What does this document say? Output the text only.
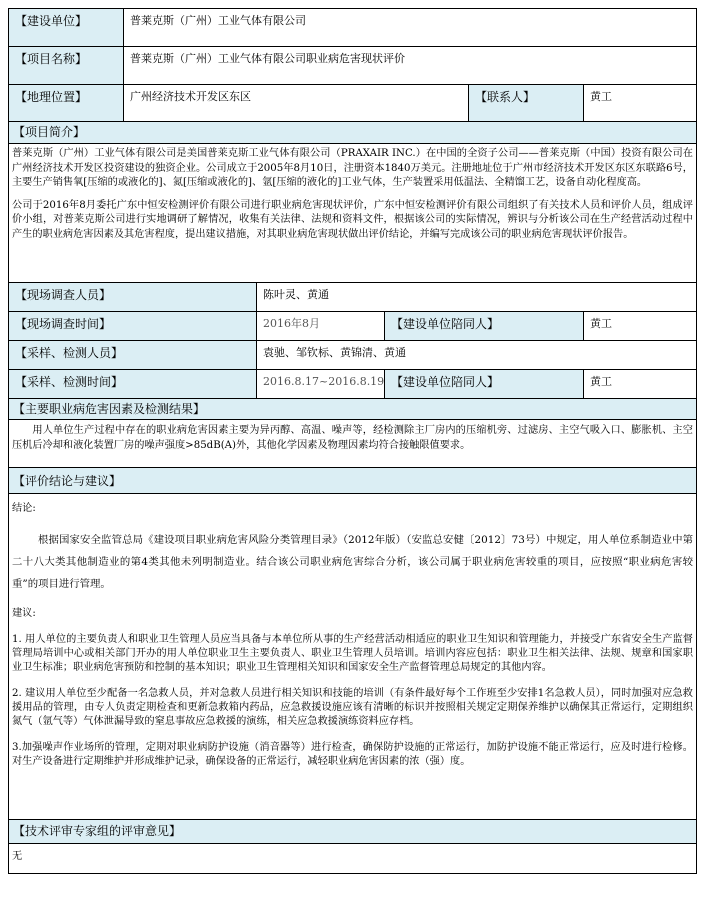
【建设单位】	普莱克斯（广州）工业气体有限公司
【项目名称】	普莱克斯（广州）工业气体有限公司职业病危害现状评价
【地理位置】	广州经济技术开发区东区	【联系人】	黄工
【项目简介】

普莱克斯（广州）工业气体有限公司是美国普莱克斯工业气体有限公司（PRAXAIR INC.）在中国的全资子公司——普莱克斯（中国）投资有限公司在广州经济技术开发区投资建设的独资企业。公司成立于2005年8月10日，注册资本1840万美元。注册地址位于广州市经济技术开发区东区东联路6号，主要生产销售氧[压缩的或液化的]、氮[压缩或液化的]、氩[压缩的液化的]工业气体，生产装置采用低温法、全精馏工艺，设备自动化程度高。

公司于2016年8月委托广东中恒安检测评价有限公司进行职业病危害现状评价，广东中恒安检测评价有限公司组织了有关技术人员和评价人员，组成评价小组，对普莱克斯公司进行实地调研了解情况，收集有关法律、法规和资料文件，根据该公司的实际情况，辨识与分析该公司在生产经营活动过程中产生的职业病危害因素及其危害程度，提出建议措施，对其职业病危害现状做出评价结论，并编写完成该公司的职业病危害现状评价报告。

【现场调查人员】	陈叶灵、黄通
【现场调查时间】	2016年8月	【建设单位陪同人】	黄工
【采样、检测人员】	袁驰、邹钦标、黄锦清、黄通
【采样、检测时间】	2016.8.17~2016.8.19 【建设单位陪同人】	黄工
【主要职业病危害因素及检测结果】
用人单位生产过程中存在的职业病危害因素主要为异丙醇、高温、噪声等，经检测除主厂房内的压缩机旁、过滤房、主空气吸入口、膨胀机、主空压机后冷却和液化装置厂房的噪声强度>85dB(A)外，其他化学因素及物理因素均符合接触限值要求。
【评价结论与建议】

结论:

根据国家安全监管总局《建设项目职业病危害风险分类管理目录》（2012年版）（安监总安健〔2012〕73号）中规定，用人单位系制造业中第二十八大类其他制造业的第4类其他未列明制造业。结合该公司职业病危害综合分析，该公司属于职业病危害较重的项目，应按照“职业病危害较重”的项目进行管理。

建议:

1. 用人单位的主要负责人和职业卫生管理人员应当具备与本单位所从事的生产经营活动相适应的职业卫生知识和管理能力，并接受广东省安全生产监督管理局培训中心或相关部门开办的用人单位职业卫生主要负责人、职业卫生管理人员培训。培训内容应包括：职业卫生相关法律、法规、规章和国家职业卫生标准；职业病危害预防和控制的基本知识；职业卫生管理相关知识和国家安全生产监督管理总局规定的其他内容。

2. 建议用人单位至少配备一名急救人员，并对急救人员进行相关知识和技能的培训（有条件最好每个工作班至少安排1名急救人员），同时加强对应急救援用品的管理，由专人负责定期检查和更新急救箱内药品，应急救援设施应该有清晰的标识并按照相关规定定期保养维护以确保其正常运行，定期组织氮气（氩气等）气体泄漏导致的窒息事故应急救援的演练，相关应急救援演练资料应存档。

3.加强噪声作业场所的管理，定期对职业病防护设施（消音器等）进行检查，确保防护设施的正常运行，加防护设施不能正常运行，应及时进行检修。对生产设备进行定期维护并形成维护记录，确保设备的正常运行，减轻职业病危害因素的浓（强）度。

【技术评审专家组的评审意见】
无
